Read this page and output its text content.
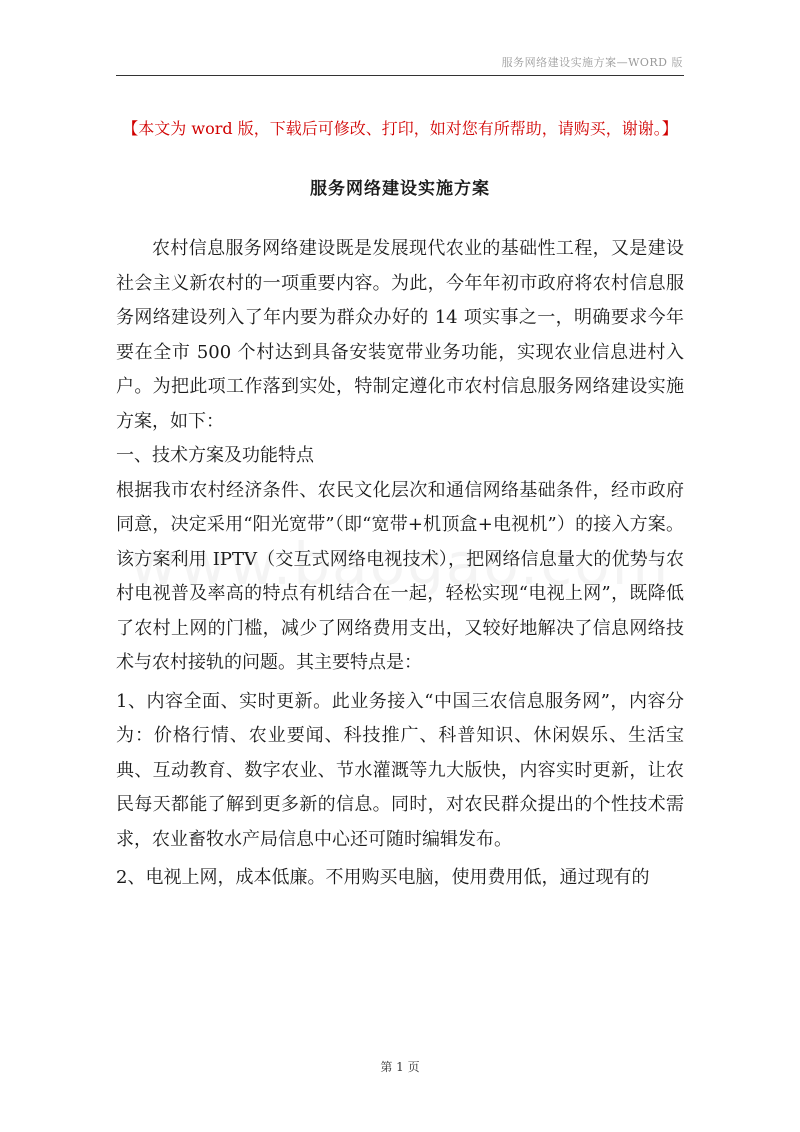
服务网络建设实施方案—WORD 版
【本文为 word 版，下载后可修改、打印，如对您有所帮助，请购买，谢谢。】
服务网络建设实施方案

农村信息服务网络建设既是发展现代农业的基础性工程，又是建设社会主义新农村的一项重要内容。为此，今年年初市政府将农村信息服务网络建设列入了年内要为群众办好的 14 项实事之一，明确要求今年要在全市 500 个村达到具备安装宽带业务功能，实现农业信息进村入户。为把此项工作落到实处，特制定遵化市农村信息服务网络建设实施方案，如下：

一、技术方案及功能特点

根据我市农村经济条件、农民文化层次和通信网络基础条件，经市政府同意，决定采用“阳光宽带”（即“宽带+机顶盒+电视机”）的接入方案。该方案利用 IPTV（交互式网络电视技术），把网络信息量大的优势与农村电视普及率高的特点有机结合在一起，轻松实现“电视上网”，既降低了农村上网的门槛，减少了网络费用支出，又较好地解决了信息网络技术与农村接轨的问题。其主要特点是：

1、内容全面、实时更新。此业务接入“中国三农信息服务网”，内容分为：价格行情、农业要闻、科技推广、科普知识、休闲娱乐、生活宝典、互动教育、数字农业、节水灌溉等九大版快，内容实时更新，让农民每天都能了解到更多新的信息。同时，对农民群众提出的个性技术需求，农业畜牧水产局信息中心还可随时编辑发布。

2、电视上网，成本低廉。不用购买电脑，使用费用低，通过现有的

第 1 页
